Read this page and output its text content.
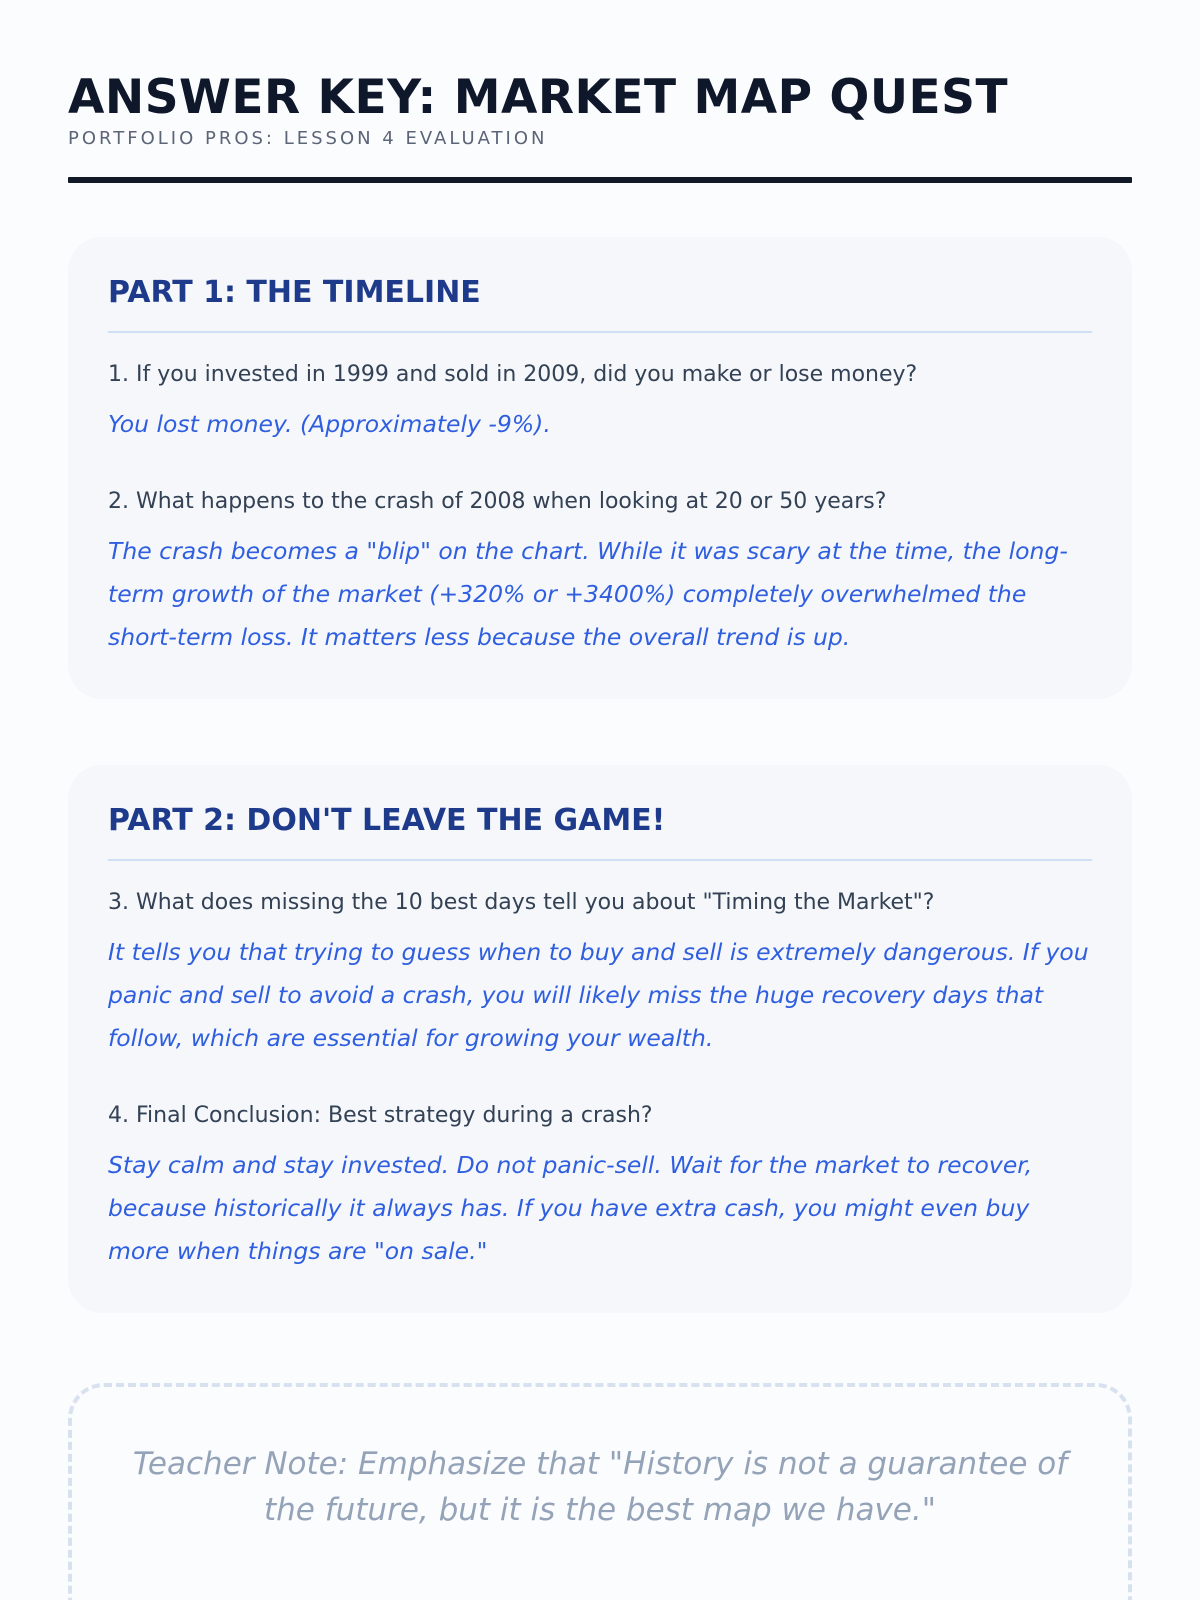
ANSWER KEY: MARKET MAP QUEST
PORTFOLIO PROS: LESSON 4 EVALUATION
PART 1: THE TIMELINE
1. If you invested in 1999 and sold in 2009, did you make or lose money?
You lost money. (Approximately -9%).
2. What happens to the crash of 2008 when looking at 20 or 50 years?
The crash becomes a "blip" on the chart. While it was scary at the time, the long-term growth of the market (+320% or +3400%) completely overwhelmed the short-term loss. It matters less because the overall trend is up.
PART 2: DON'T LEAVE THE GAME!
3. What does missing the 10 best days tell you about "Timing the Market"?
It tells you that trying to guess when to buy and sell is extremely dangerous. If you panic and sell to avoid a crash, you will likely miss the huge recovery days that follow, which are essential for growing your wealth.
4. Final Conclusion: Best strategy during a crash?
Stay calm and stay invested. Do not panic-sell. Wait for the market to recover, because historically it always has. If you have extra cash, you might even buy more when things are "on sale."
Teacher Note: Emphasize that "History is not a guarantee of the future, but it is the best map we have."
